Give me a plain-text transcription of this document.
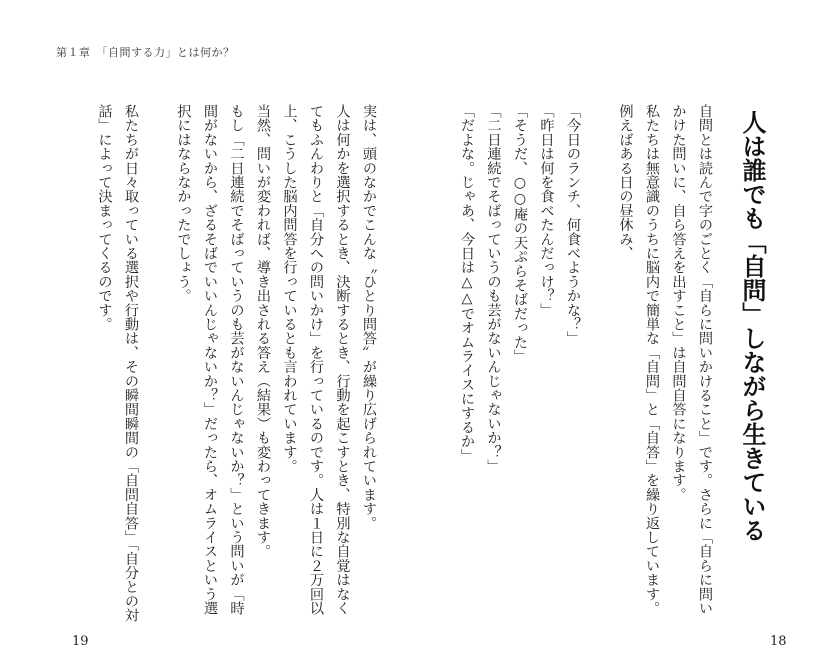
第１章　「自問する力」とは何か？
人は誰でも「自問」しながら生きている

自問とは読んで字のごとく「自らに問いかけること」です。さらに「自らに問いかけた問いに、自ら答えを出すこと」は自問自答になります。

私たちは無意識のうちに脳内で簡単な「自問」と「自答」を繰り返しています。

例えばある日の昼休み、

「今日のランチ、何食べようかな？」

「昨日は何を食べたんだっけ？」

「そうだ、○○庵の天ぷらそばだった」

「二日連続でそばっていうのも芸がないんじゃないか？」

「だよな。じゃあ、今日は△△でオムライスにするか」

実は、頭のなかでこんな〝ひとり問答〟が繰り広げられています。

人は何かを選択するとき、決断するとき、行動を起こすとき、特別な自覚はなくてもふんわりと「自分への問いかけ」を行っているのです。人は１日に２万回以上、こうした脳内問答を行っているとも言われています。

当然、問いが変われば、導き出される答え（結果）も変わってきます。

もし「二日連続でそばっていうのも芸がないんじゃないか？」という問いが「時間がないから、ざるそばでいいんじゃないか？」だったら、オムライスという選択にはならなかったでしょう。

私たちが日々取っている選択や行動は、その瞬間瞬間の「自問自答」「自分との対話」によって決まってくるのです。

19	18
